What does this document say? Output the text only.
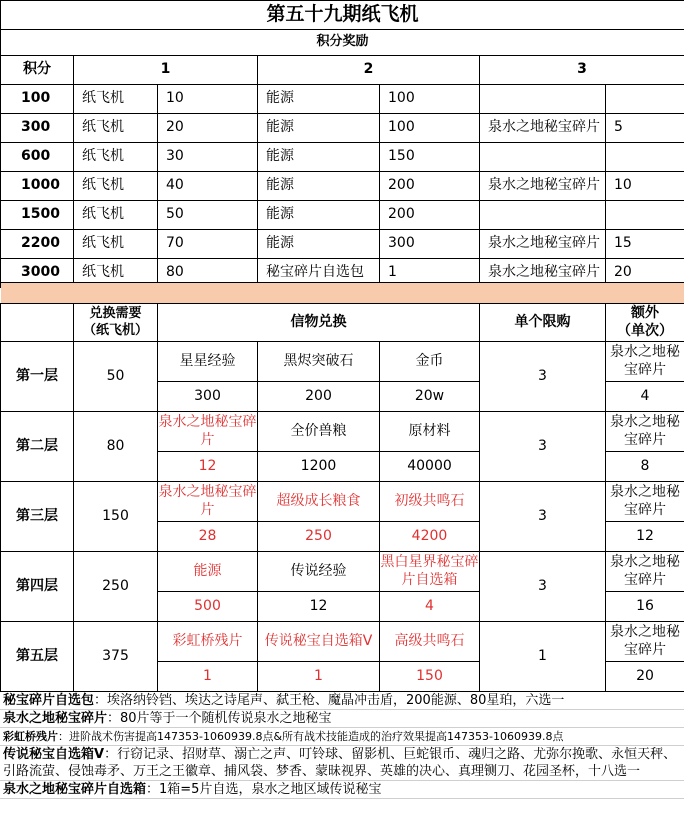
第五十九期纸飞机						
积分奖励						
积分	1		2		3	
100	纸飞机	10	能源	100		
300	纸飞机	20	能源	100	泉水之地秘宝碎片	5
600	纸飞机	30	能源	150		
1000	纸飞机	40	能源	200	泉水之地秘宝碎片	10
1500	纸飞机	50	能源	200		
2200	纸飞机	70	能源	300	泉水之地秘宝碎片	15
3000	纸飞机	80	秘宝碎片自选包	1	泉水之地秘宝碎片	20

	兑换需要
（纸飞机）	信物兑换			单个限购	额外
（单次）
第一层	50	星星经验	黑烬突破石	金币	3	泉水之地秘宝碎片
		300	200	20w		4
第二层	80	泉水之地秘宝碎片	全价兽粮	原材料	3	泉水之地秘宝碎片
		12	1200	40000		8
第三层	150	泉水之地秘宝碎片	超级成长粮食	初级共鸣石	3	泉水之地秘宝碎片
		28	250	4200		12
第四层	250	能源	传说经验	黑白星界秘宝碎片自选箱	3	泉水之地秘宝碎片
		500	12	4		16
第五层	375	彩虹桥残片	传说秘宝自选箱V	高级共鸣石	1	泉水之地秘宝碎片
		1	1	150		20
秘宝碎片自选包：埃洛纳铃铛、埃达之诗尾声、弑王枪、魔晶冲击盾，200能源、80星珀，六选一
泉水之地秘宝碎片：80片等于一个随机传说泉水之地秘宝
彩虹桥残片：进阶战术伤害提高147353-1060939.8点&所有战术技能造成的治疗效果提高147353-1060939.8点
传说秘宝自选箱V：行窃记录、招财草、溺亡之声、叮铃球、留影机、巨蛇银币、魂归之路、尤弥尔挽歌、永恒天秤、引路流萤、侵蚀毒矛、万王之王徽章、捕风袋、梦香、蒙昧视界、英雄的决心、真理铡刀、花园圣杯，十八选一
泉水之地秘宝碎片自选箱：1箱=5片自选，泉水之地区域传说秘宝
